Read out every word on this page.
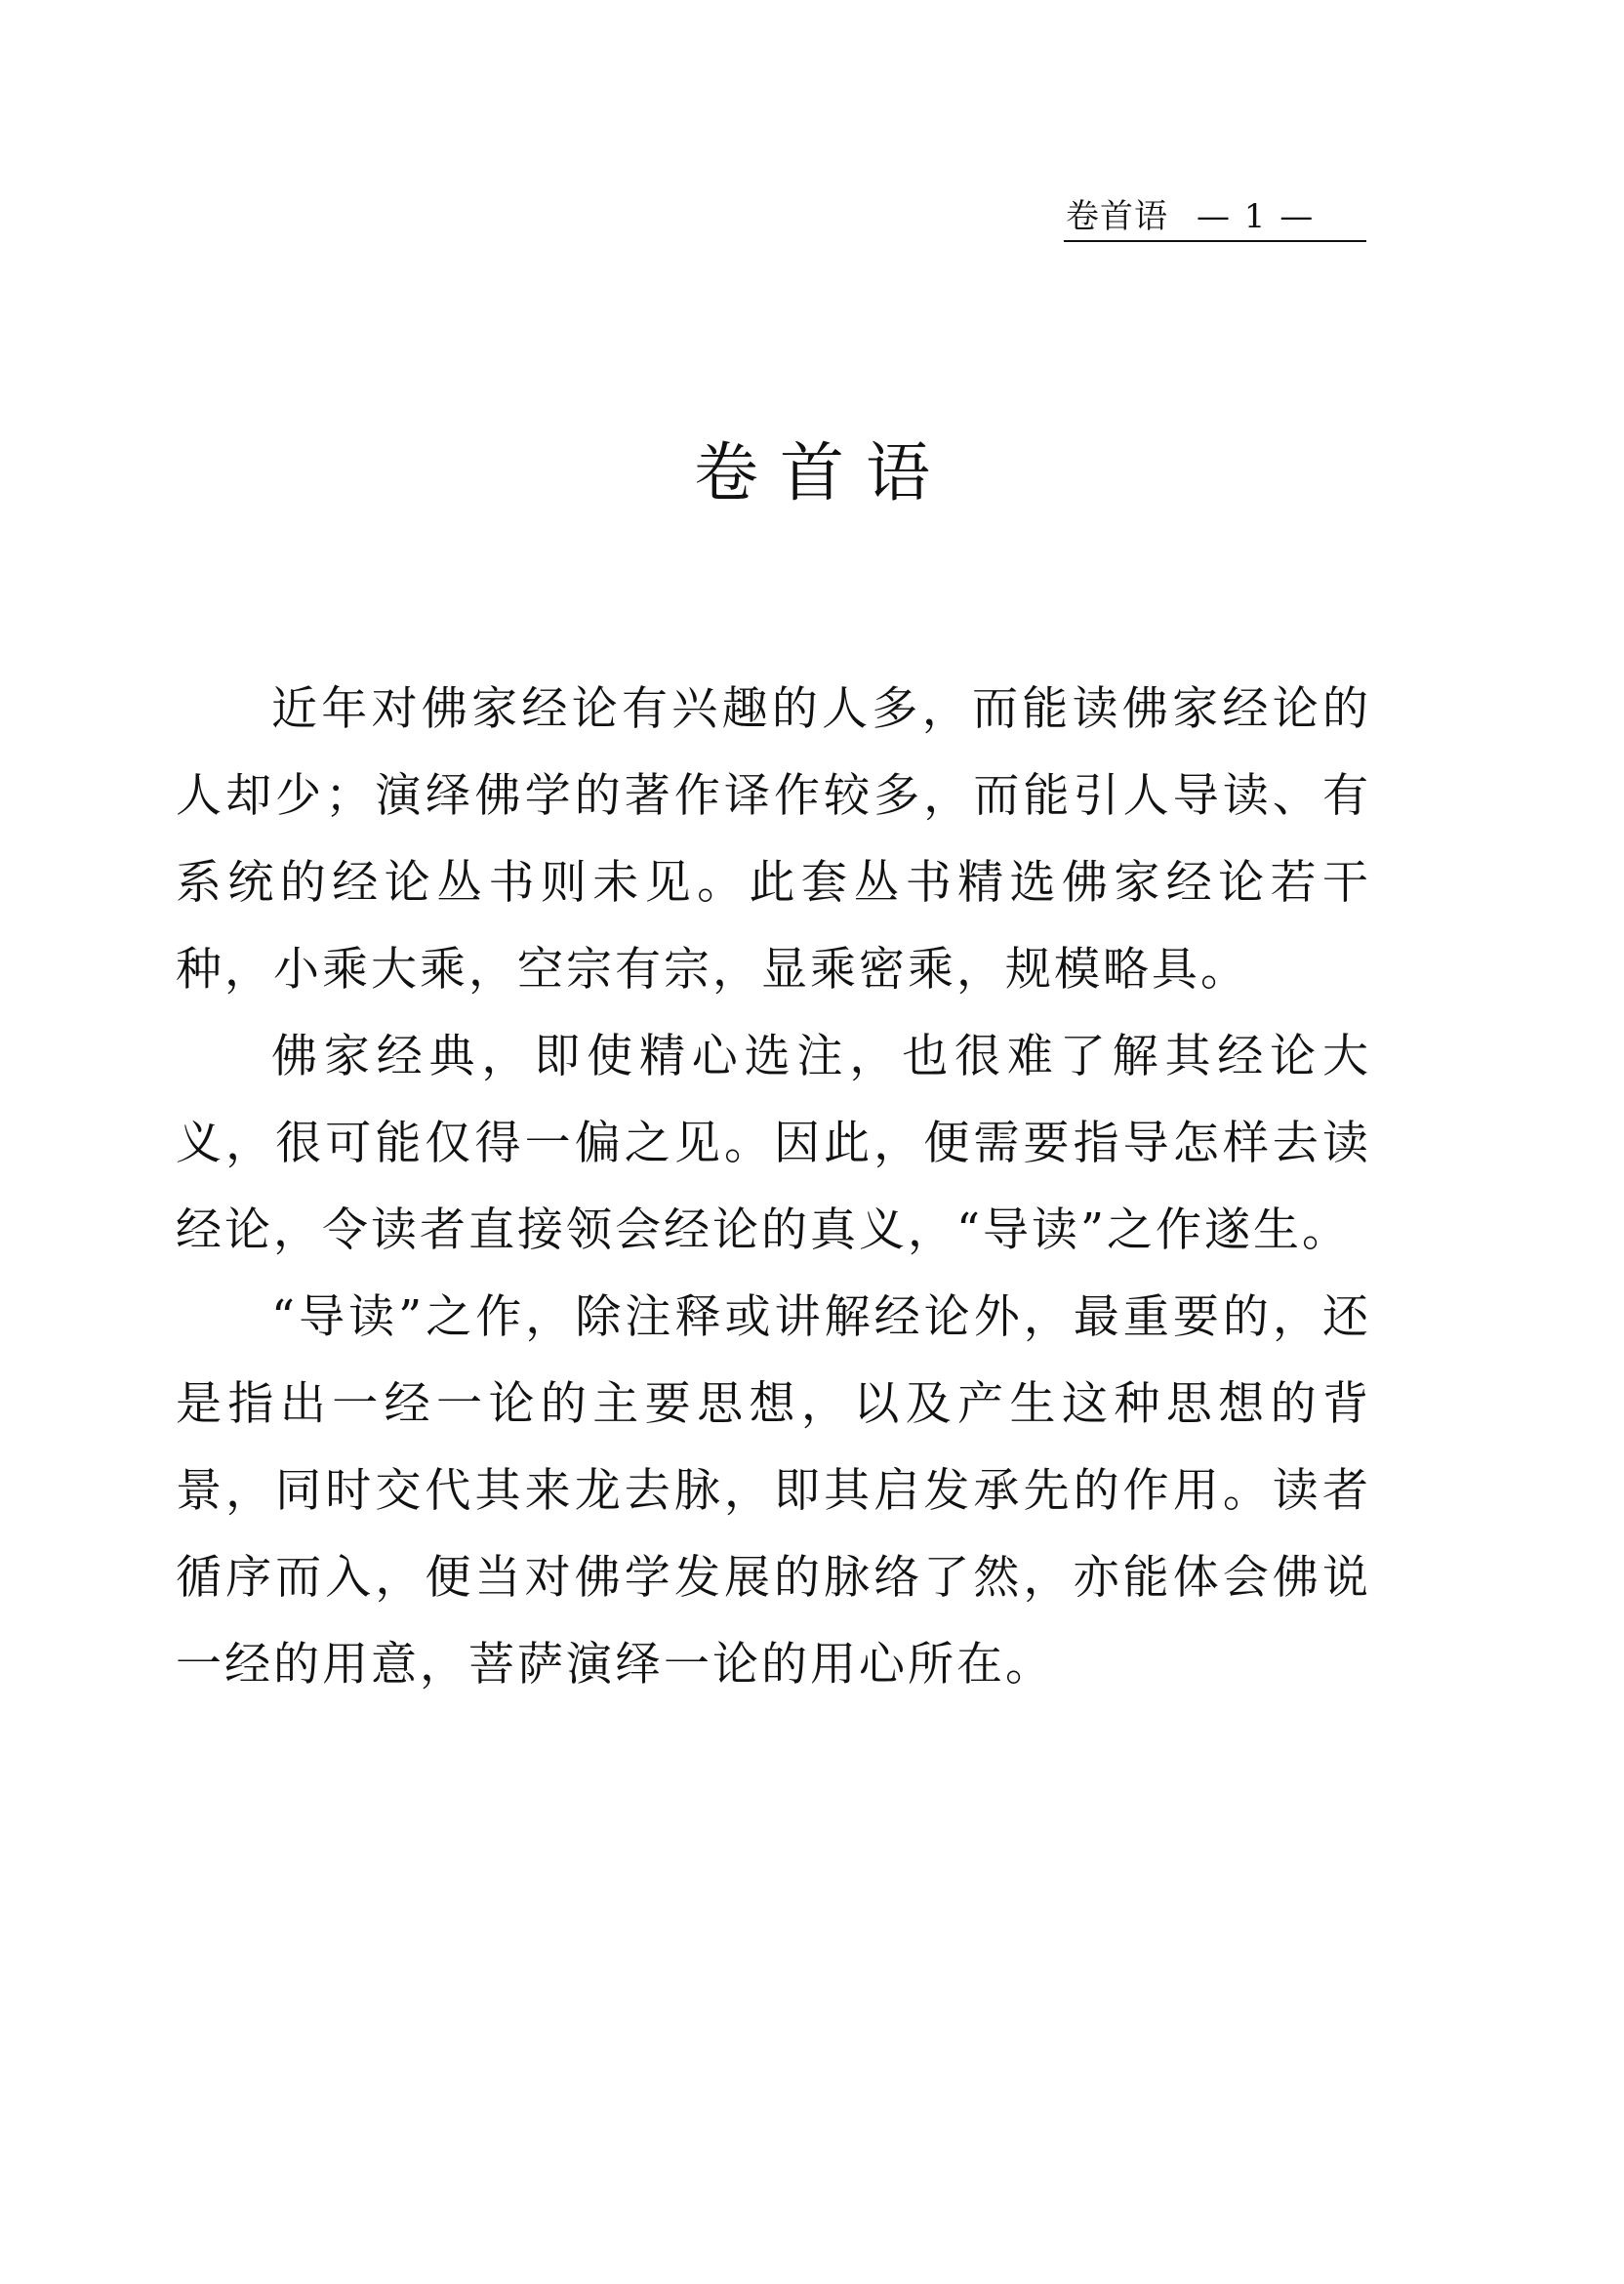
卷首语 — 1 —
卷首语

近年对佛家经论有兴趣的人多，而能读佛家经论的人却少；演绎佛学的著作译作较多，而能引人导读、有系统的经论丛书则未见。此套丛书精选佛家经论若干种，小乘大乘，空宗有宗，显乘密乘，规模略具。

佛家经典，即使精心选注，也很难了解其经论大义，很可能仅得一偏之见。因此，便需要指导怎样去读经论，令读者直接领会经论的真义，“导读”之作遂生。

“导读”之作，除注释或讲解经论外，最重要的，还是指出一经一论的主要思想，以及产生这种思想的背景，同时交代其来龙去脉，即其启发承先的作用。读者循序而入，便当对佛学发展的脉络了然，亦能体会佛说一经的用意，菩萨演绎一论的用心所在。
